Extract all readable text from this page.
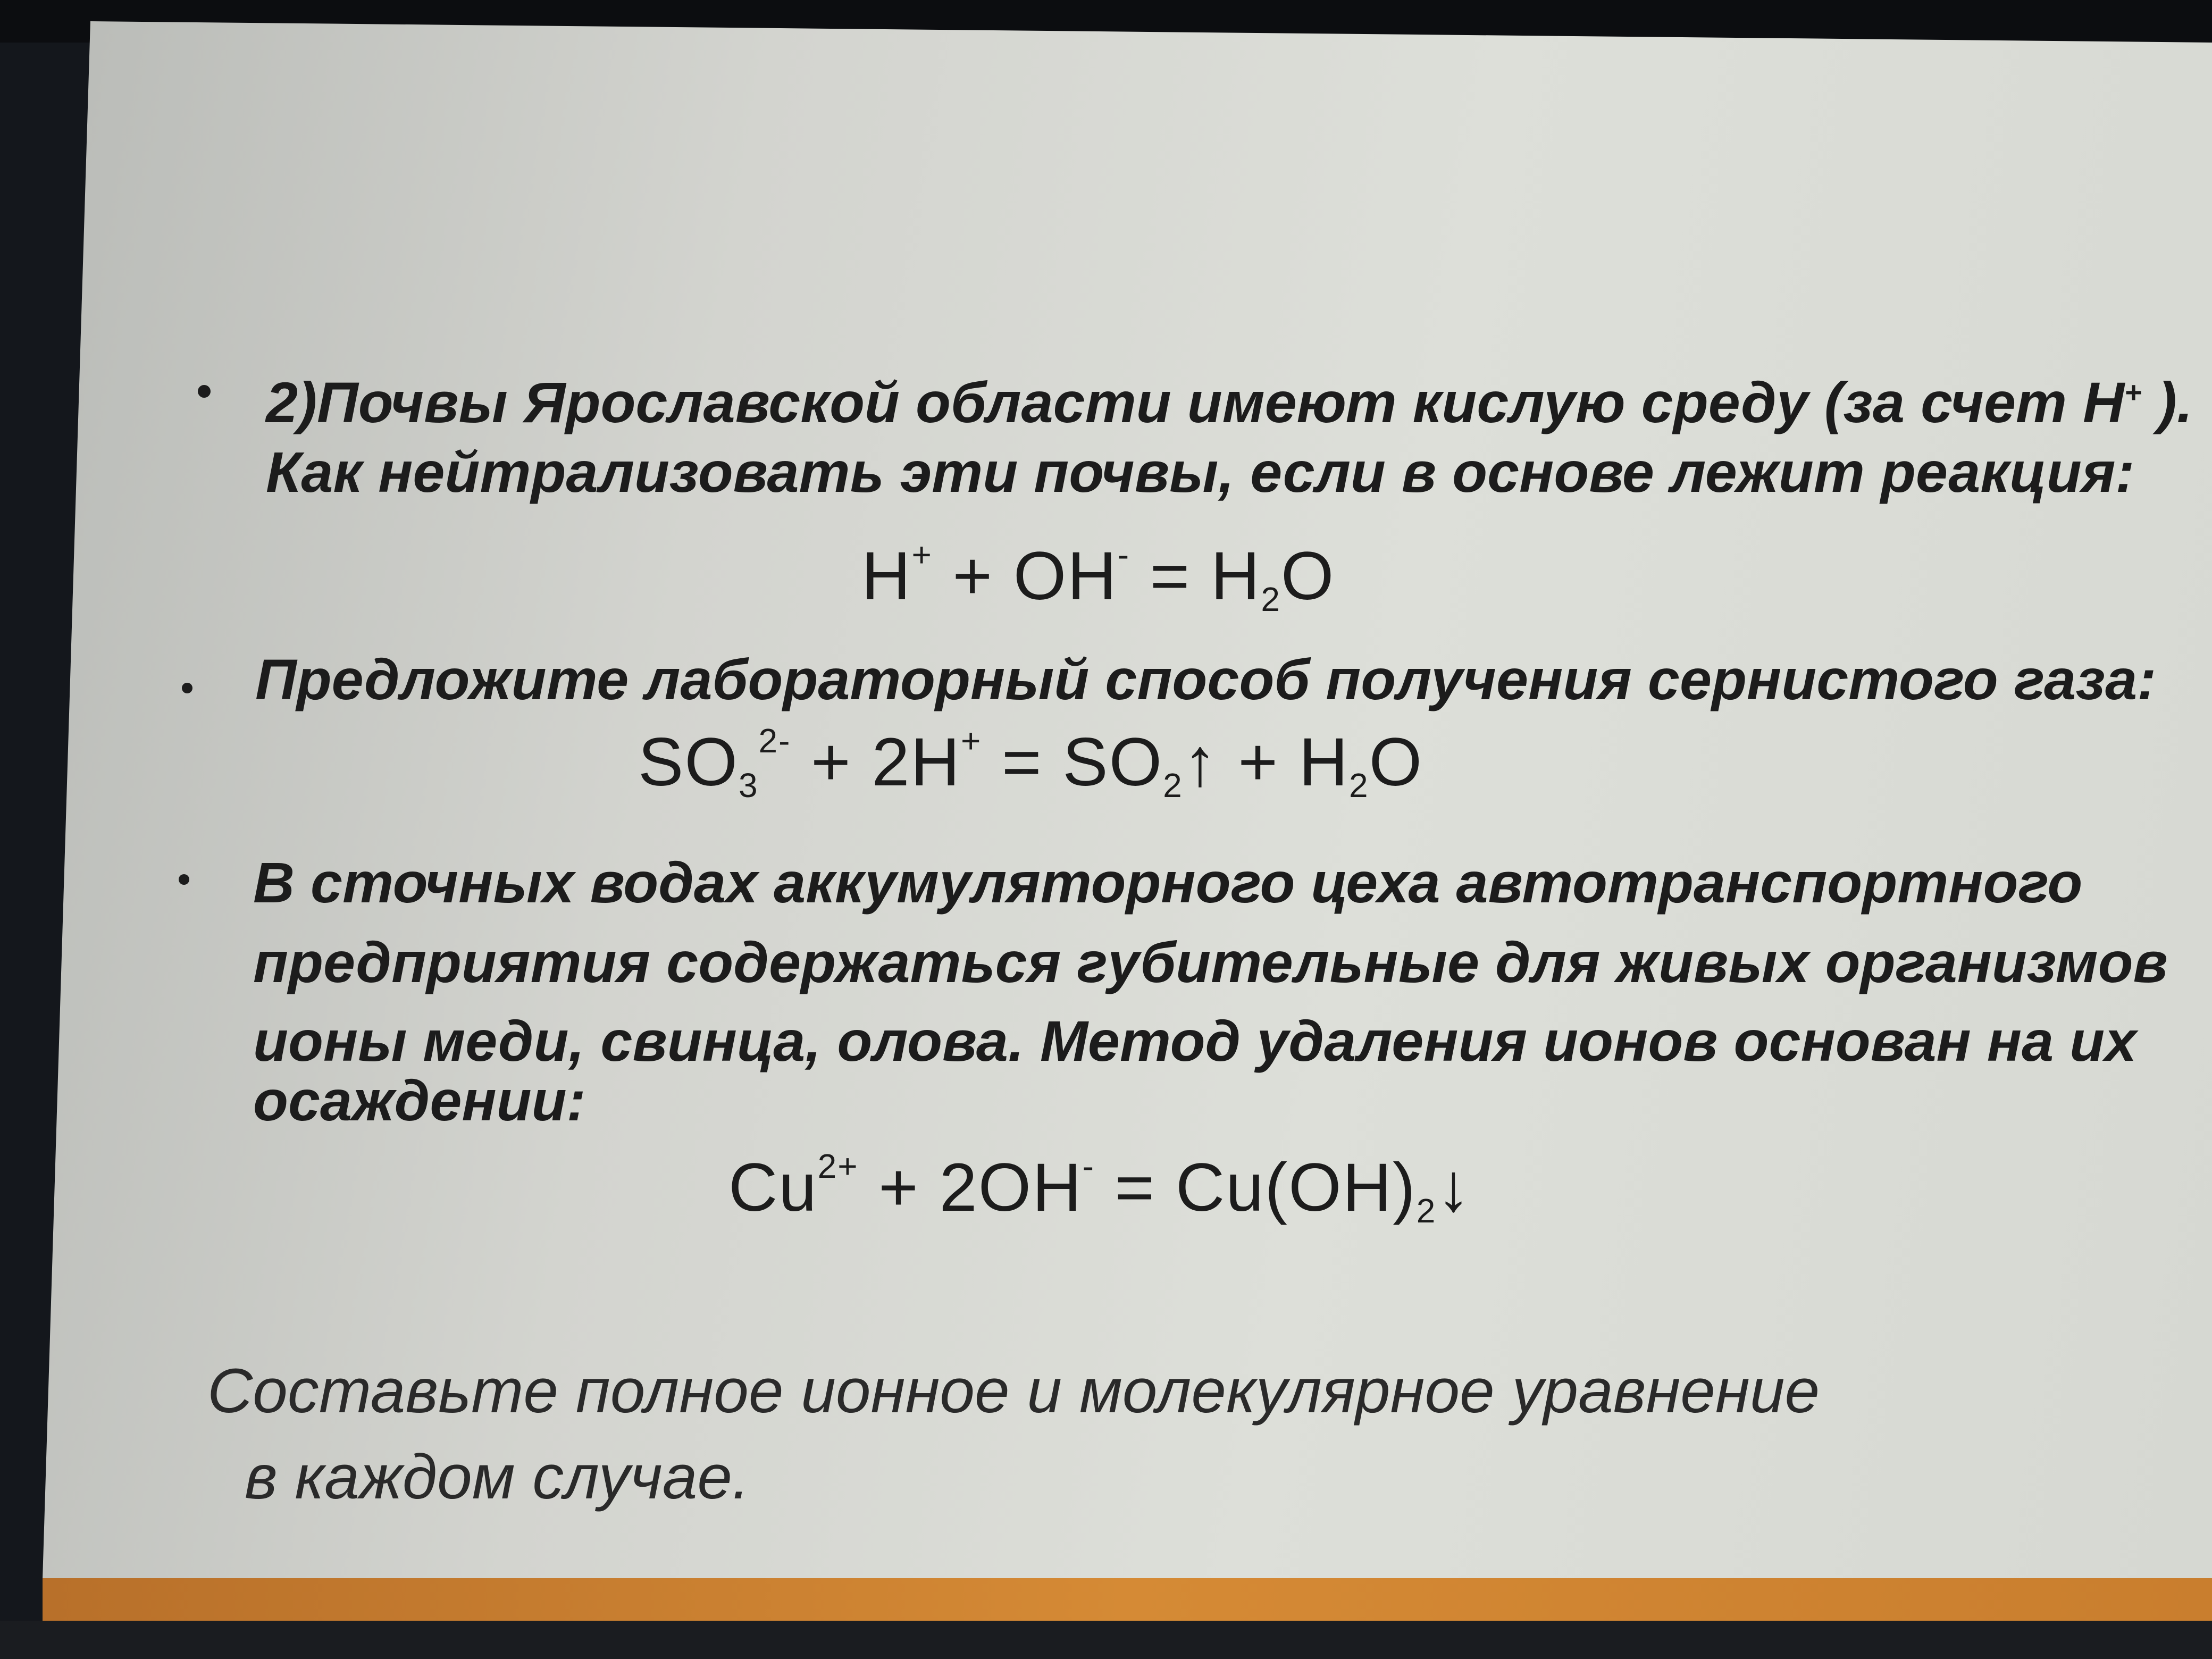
2)Почвы Ярославской области имеют кислую среду (за счет H+ ).
Как нейтрализовать эти почвы, если в основе лежит реакция:
$H^+ + OH^- = H_2O$
Предложите лабораторный способ получения сернистого газа:
$SO_3^{2-} + 2H^+$ = $SO_2↑ + H_2O$
В сточных водах аккумуляторного цеха автотранспортного
предприятия содержаться губительные для живых организмов
ионы меди, свинца, олова. Метод удаления ионов основан на их
осаждении:
$Cu^{2+} + 2OH^-$ = $Cu(OH)_2↓$
Составьте полное ионное и молекулярное уравнение
в каждом случае.
